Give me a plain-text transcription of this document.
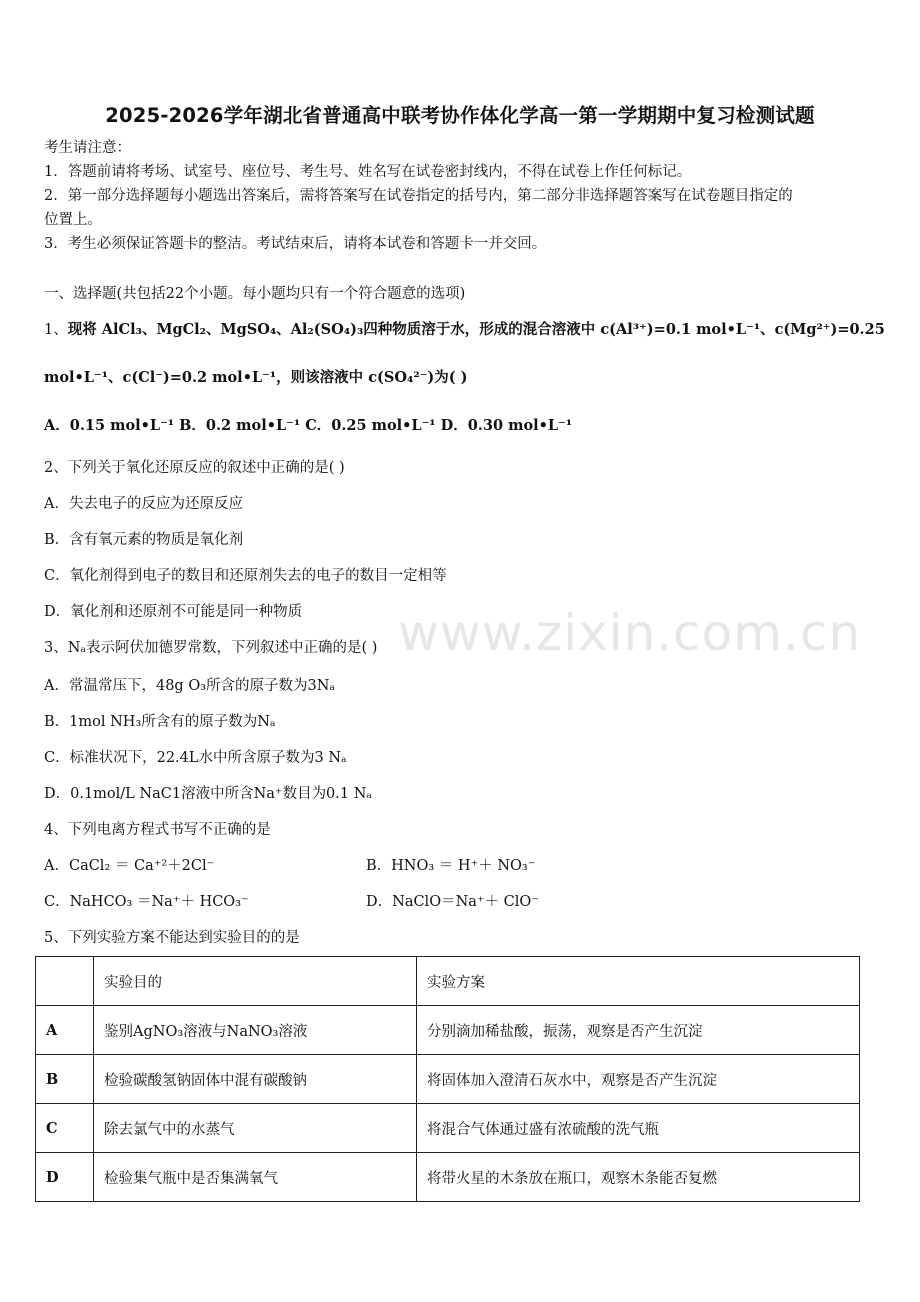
www.zixin.com.cn
2025-2026学年湖北省普通高中联考协作体化学高一第一学期期中复习检测试题
考生请注意：
1．答题前请将考场、试室号、座位号、考生号、姓名写在试卷密封线内，不得在试卷上作任何标记。
2．第一部分选择题每小题选出答案后，需将答案写在试卷指定的括号内，第二部分非选择题答案写在试卷题目指定的
位置上。
3．考生必须保证答题卡的整洁。考试结束后，请将本试卷和答题卡一并交回。
一、选择题(共包括22个小题。每小题均只有一个符合题意的选项)
1、现将 AlCl₃、MgCl₂、MgSO₄、Al₂(SO₄)₃四种物质溶于水，形成的混合溶液中 c(Al³⁺)=0.1 mol•L⁻¹、c(Mg²⁺)=0.25
mol•L⁻¹、c(Cl⁻)=0.2 mol•L⁻¹，则该溶液中 c(SO₄²⁻)为( )
A．0.15 mol•L⁻¹ B．0.2 mol•L⁻¹ C．0.25 mol•L⁻¹ D．0.30 mol•L⁻¹
2、下列关于氧化还原反应的叙述中正确的是( )
A．失去电子的反应为还原反应
B．含有氧元素的物质是氧化剂
C．氧化剂得到电子的数目和还原剂失去的电子的数目一定相等
D．氧化剂和还原剂不可能是同一种物质
3、Nₐ表示阿伏加德罗常数，下列叙述中正确的是( )
A．常温常压下，48g O₃所含的原子数为3Nₐ
B．1mol NH₃所含有的原子数为Nₐ
C．标准状况下，22.4L水中所含原子数为3 Nₐ
D．0.1mol/L NaC1溶液中所含Na⁺数目为0.1 Nₐ
4、下列电离方程式书写不正确的是
A．CaCl₂ ＝ Ca⁺²＋2Cl⁻	B．HNO₃ ＝ H⁺＋ NO₃⁻
C．NaHCO₃ ＝Na⁺＋ HCO₃⁻	D．NaClO＝Na⁺＋ ClO⁻
5、下列实验方案不能达到实验目的的是
	实验目的	实验方案
A	鉴别AgNO₃溶液与NaNO₃溶液	分别滴加稀盐酸，振荡，观察是否产生沉淀
B	检验碳酸氢钠固体中混有碳酸钠	将固体加入澄清石灰水中，观察是否产生沉淀
C	除去氯气中的水蒸气	将混合气体通过盛有浓硫酸的洗气瓶
D	检验集气瓶中是否集满氧气	将带火星的木条放在瓶口，观察木条能否复燃
